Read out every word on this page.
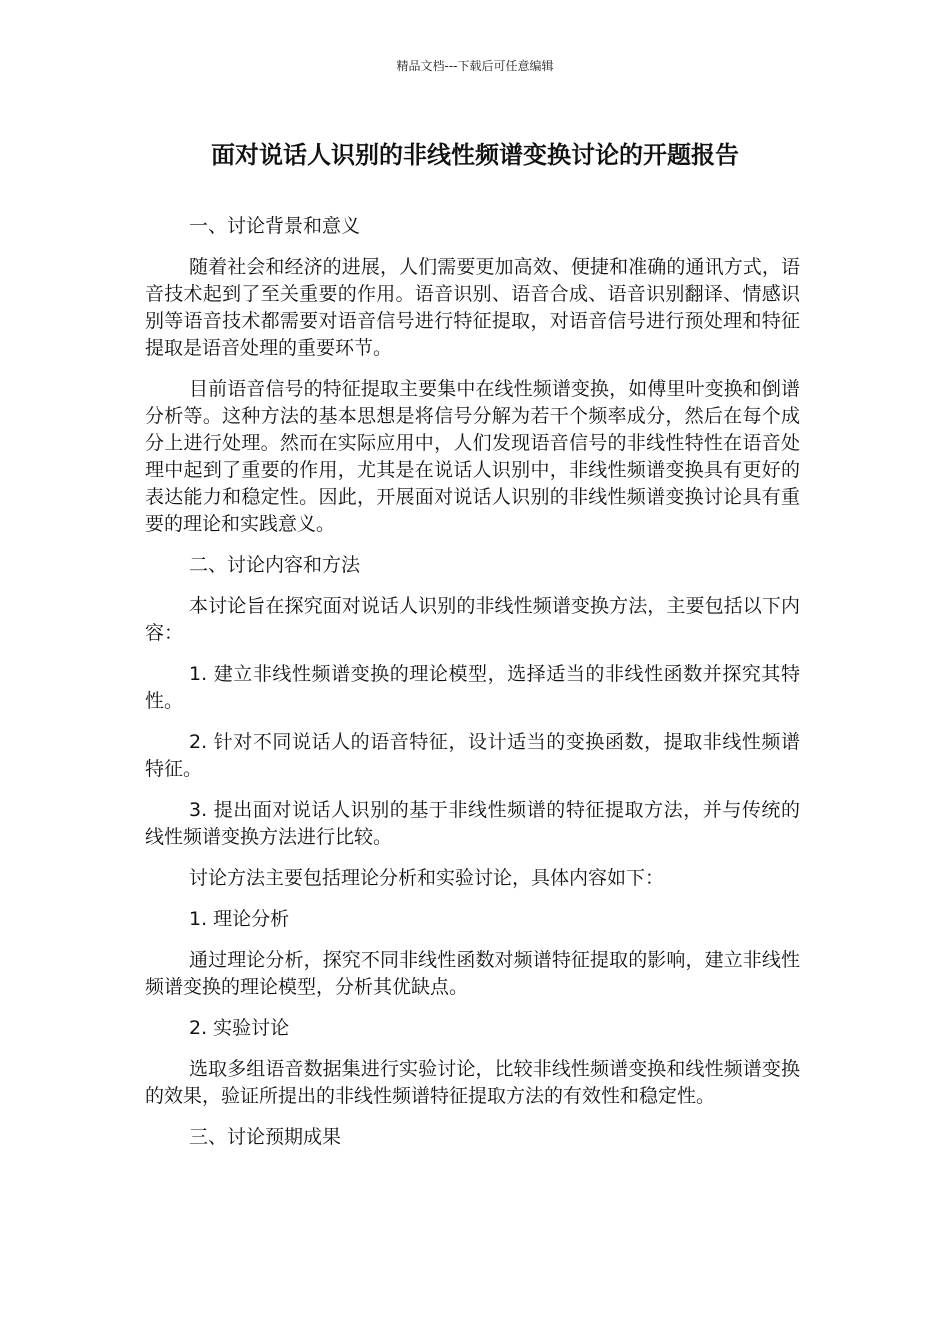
精品文档---下载后可任意编辑
面对说话人识别的非线性频谱变换讨论的开题报告

一、讨论背景和意义

随着社会和经济的进展，人们需要更加高效、便捷和准确的通讯方式，语音技术起到了至关重要的作用。语音识别、语音合成、语音识别翻译、情感识别等语音技术都需要对语音信号进行特征提取，对语音信号进行预处理和特征提取是语音处理的重要环节。

目前语音信号的特征提取主要集中在线性频谱变换，如傅里叶变换和倒谱分析等。这种方法的基本思想是将信号分解为若干个频率成分，然后在每个成分上进行处理。然而在实际应用中，人们发现语音信号的非线性特性在语音处理中起到了重要的作用，尤其是在说话人识别中，非线性频谱变换具有更好的表达能力和稳定性。因此，开展面对说话人识别的非线性频谱变换讨论具有重要的理论和实践意义。

二、讨论内容和方法

本讨论旨在探究面对说话人识别的非线性频谱变换方法，主要包括以下内容：

1. 建立非线性频谱变换的理论模型，选择适当的非线性函数并探究其特性。

2. 针对不同说话人的语音特征，设计适当的变换函数，提取非线性频谱特征。

3. 提出面对说话人识别的基于非线性频谱的特征提取方法，并与传统的线性频谱变换方法进行比较。

讨论方法主要包括理论分析和实验讨论，具体内容如下：

1. 理论分析

通过理论分析，探究不同非线性函数对频谱特征提取的影响，建立非线性频谱变换的理论模型，分析其优缺点。

2. 实验讨论

选取多组语音数据集进行实验讨论，比较非线性频谱变换和线性频谱变换的效果，验证所提出的非线性频谱特征提取方法的有效性和稳定性。

三、讨论预期成果
